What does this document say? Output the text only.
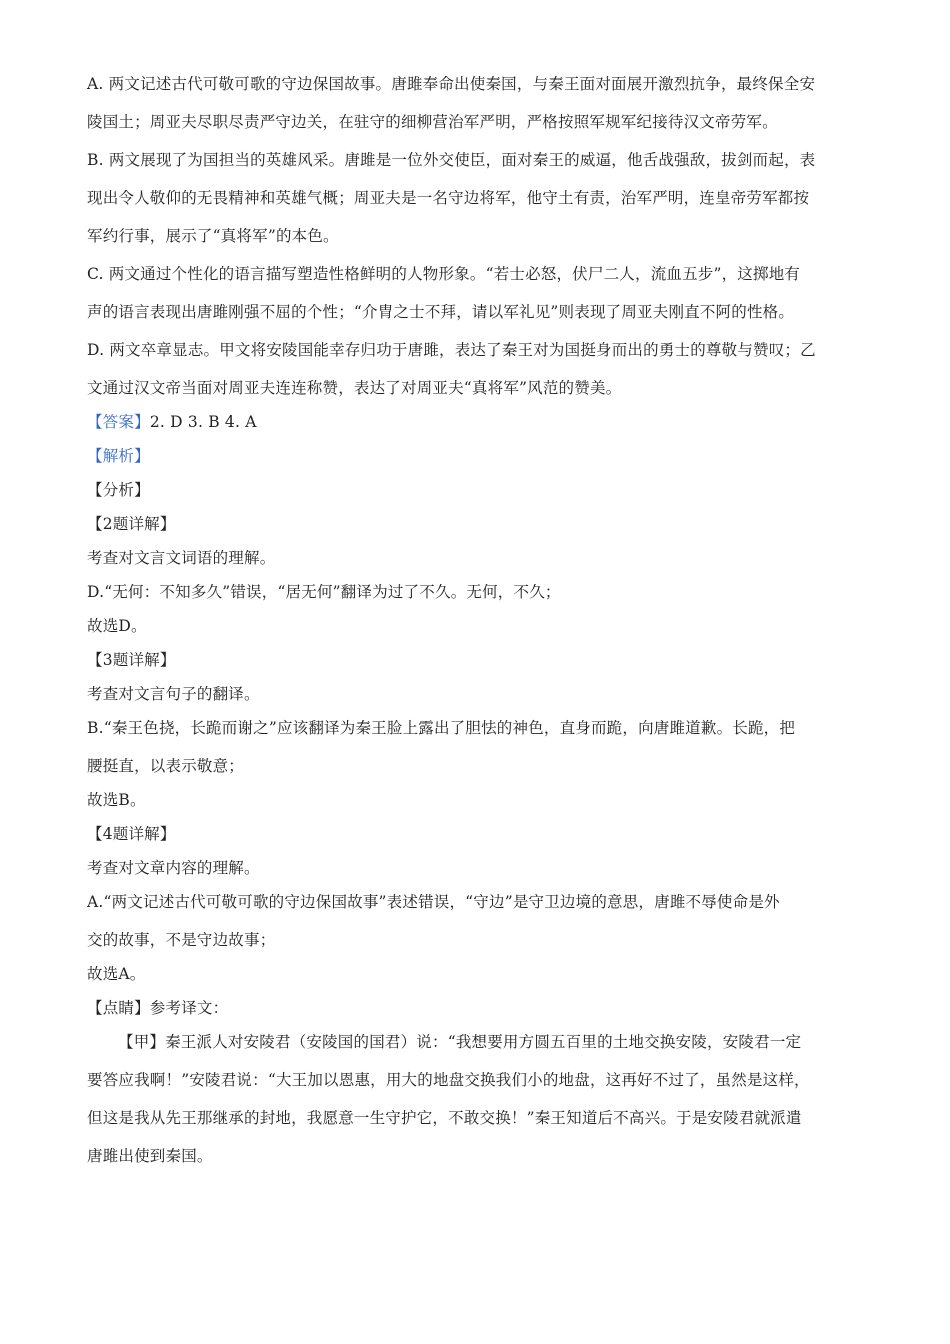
A. 两文记述古代可敬可歌的守边保国故事。唐雎奉命出使秦国，与秦王面对面展开激烈抗争，最终保全安

陵国土；周亚夫尽职尽责严守边关，在驻守的细柳营治军严明，严格按照军规军纪接待汉文帝劳军。

B. 两文展现了为国担当的英雄风采。唐雎是一位外交使臣，面对秦王的威逼，他舌战强敌，拔剑而起，表

现出令人敬仰的无畏精神和英雄气概；周亚夫是一名守边将军，他守土有责，治军严明，连皇帝劳军都按

军约行事，展示了“真将军”的本色。

C. 两文通过个性化的语言描写塑造性格鲜明的人物形象。“若士必怒，伏尸二人，流血五步”，这掷地有

声的语言表现出唐雎刚强不屈的个性；“介胄之士不拜，请以军礼见”则表现了周亚夫刚直不阿的性格。

D. 两文卒章显志。甲文将安陵国能幸存归功于唐雎，表达了秦王对为国挺身而出的勇士的尊敬与赞叹；乙

文通过汉文帝当面对周亚夫连连称赞，表达了对周亚夫“真将军”风范的赞美。

【答案】2. D 3. B 4. A

【解析】

【分析】

【2题详解】

考查对文言文词语的理解。

D.“无何：不知多久”错误，“居无何”翻译为过了不久。无何，不久；

故选D。

【3题详解】

考查对文言句子的翻译。

B.“秦王色挠，长跪而谢之”应该翻译为秦王脸上露出了胆怯的神色，直身而跪，向唐雎道歉。长跪，把

腰挺直，以表示敬意；

故选B。

【4题详解】

考查对文章内容的理解。

A.“两文记述古代可敬可歌的守边保国故事”表述错误，“守边”是守卫边境的意思，唐雎不辱使命是外

交的故事，不是守边故事；

故选A。

【点睛】参考译文：

【甲】秦王派人对安陵君（安陵国的国君）说：“我想要用方圆五百里的土地交换安陵，安陵君一定

要答应我啊！”安陵君说：“大王加以恩惠，用大的地盘交换我们小的地盘，这再好不过了，虽然是这样，

但这是我从先王那继承的封地，我愿意一生守护它，不敢交换！”秦王知道后不高兴。于是安陵君就派遣

唐雎出使到秦国。
